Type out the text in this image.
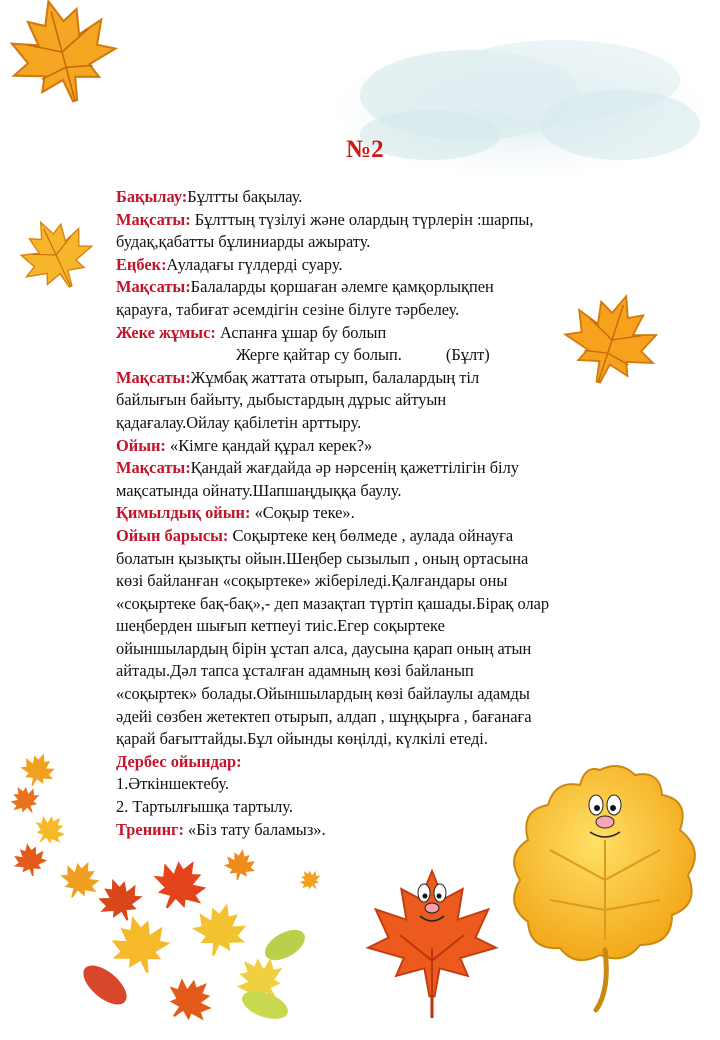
№2
Бақылау:Бұлтты бақылау.
Мақсаты: Бұлттың түзілуі және олардың түрлерін :шарпы,
будақ,қабатты бұлиниарды ажырату.
Еңбек:Ауладағы гүлдерді суару.
Мақсаты:Балаларды қоршаған әлемге қамқорлықпен
қарауға, табиғат әсемдігін сезіне білуге тәрбелеу.
Жеке жұмыс: Аспанға ұшар бу болып
Жерге қайтар су болып.	(Бұлт)
Мақсаты:Жұмбақ жаттата отырып, балалардың тіл
байлығын байыту, дыбыстардың дұрыс айтуын
қадағалау.Ойлау қабілетін арттыру.
Ойын: «Кімге қандай құрал керек?»
Мақсаты:Қандай жағдайда әр нәрсенің қажеттілігін білу
мақсатында ойнату.Шапшаңдыққа баулу.
Қимылдық ойын: «Соқыр теке».
Ойын барысы: Соқыртеке кең бөлмеде , аулада ойнауға
болатын қызықты ойын.Шеңбер сызылып , оның ортасына
көзі байланған «соқыртеке» жіберіледі.Қалғандары оны
«соқыртеке бақ-бақ»,- деп мазақтап түртіп қашады.Бірақ олар
шеңберден шығып кетпеуі тиіс.Егер соқыртеке
ойыншылардың бірін ұстап алса, даусына қарап оның атын
айтады.Дәл тапса ұсталған адамның көзі байланып
«соқыртек» болады.Ойыншылардың көзі байлаулы адамды
әдейі сөзбен жетектеп отырып, алдап , шұңқырға , бағанаға
қарай бағыттайды.Бұл ойынды көңілді, күлкілі етеді.
Дербес ойындар:
1.Әткіншектебу.
2. Тартылғышқа тартылу.
Тренинг: «Біз тату баламыз».
